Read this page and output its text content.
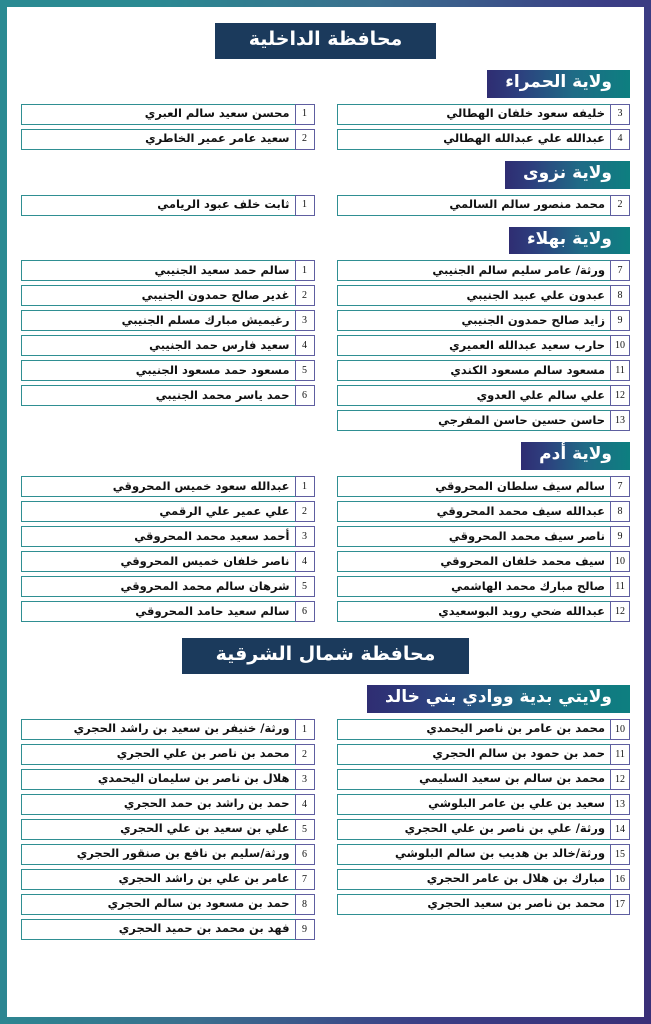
محافظة الداخلية
ولاية الحمراء
3
خليفه سعود خلفان الهطالي
4
عبدالله علي عبدالله الهطالي
1
محسن سعيد سالم العبري
2
سعيد عامر عمير الخاطري
ولاية نزوى
2
محمد منصور سالم السالمي
1
ثابت خلف عبود الريامي
ولاية بهلاء
7
ورثة/ عامر سليم سالم الجنيبي
8
عبدون علي عبيد الجنيبي
9
زايد صالح حمدون الجنيبي
10
حارب سعيد عبدالله العميري
11
مسعود سالم مسعود الكندي
12
علي سالم علي العدوي
13
حاسن حسين حاسن المفرجي
1
سالم حمد سعيد الجنيبي
2
غدير صالح حمدون الجنيبي
3
رغيميش مبارك مسلم الجنيبي
4
سعيد فارس حمد الجنيبي
5
مسعود حمد مسعود الجنيبي
6
حمد ياسر محمد الجنيبي
ولاية أدم
7
سالم سيف سلطان المحروقي
8
عبدالله سيف محمد المحروقي
9
ناصر سيف محمد المحروقي
10
سيف محمد خلفان المحروقي
11
صالح مبارك محمد الهاشمي
12
عبدالله ضحي رويد البوسعيدي
1
عبدالله سعود خميس المحروقي
2
علي عمير علي الرقمي
3
أحمد سعيد محمد المحروقي
4
ناصر خلفان خميس المحروقي
5
شرهان سالم محمد المحروقي
6
سالم سعيد حامد المحروقي
محافظة شمال الشرقية
ولايتي بدية ووادي بني خالد
10
محمد بن عامر بن ناصر اليحمدي
11
حمد بن حمود بن سالم الحجري
12
محمد بن سالم بن سعيد السليمي
13
سعيد بن علي بن عامر البلوشي
14
ورثة/ علي بن ناصر بن علي الحجري
15
ورثة/خالد بن هديب بن سالم البلوشي
16
مبارك بن هلال بن عامر الحجري
17
محمد بن ناصر بن سعيد الحجري
1
ورثة/ خنيفر بن سعيد بن راشد الحجري
2
محمد بن ناصر بن علي الحجري
3
هلال بن ناصر بن سليمان اليحمدي
4
حمد بن راشد بن حمد الحجري
5
علي بن سعيد بن علي الحجري
6
ورثة/سليم بن نافع بن صنقور الحجري
7
عامر بن علي بن راشد الحجري
8
حمد بن مسعود بن سالم الحجري
9
فهد بن محمد بن حميد الحجري
